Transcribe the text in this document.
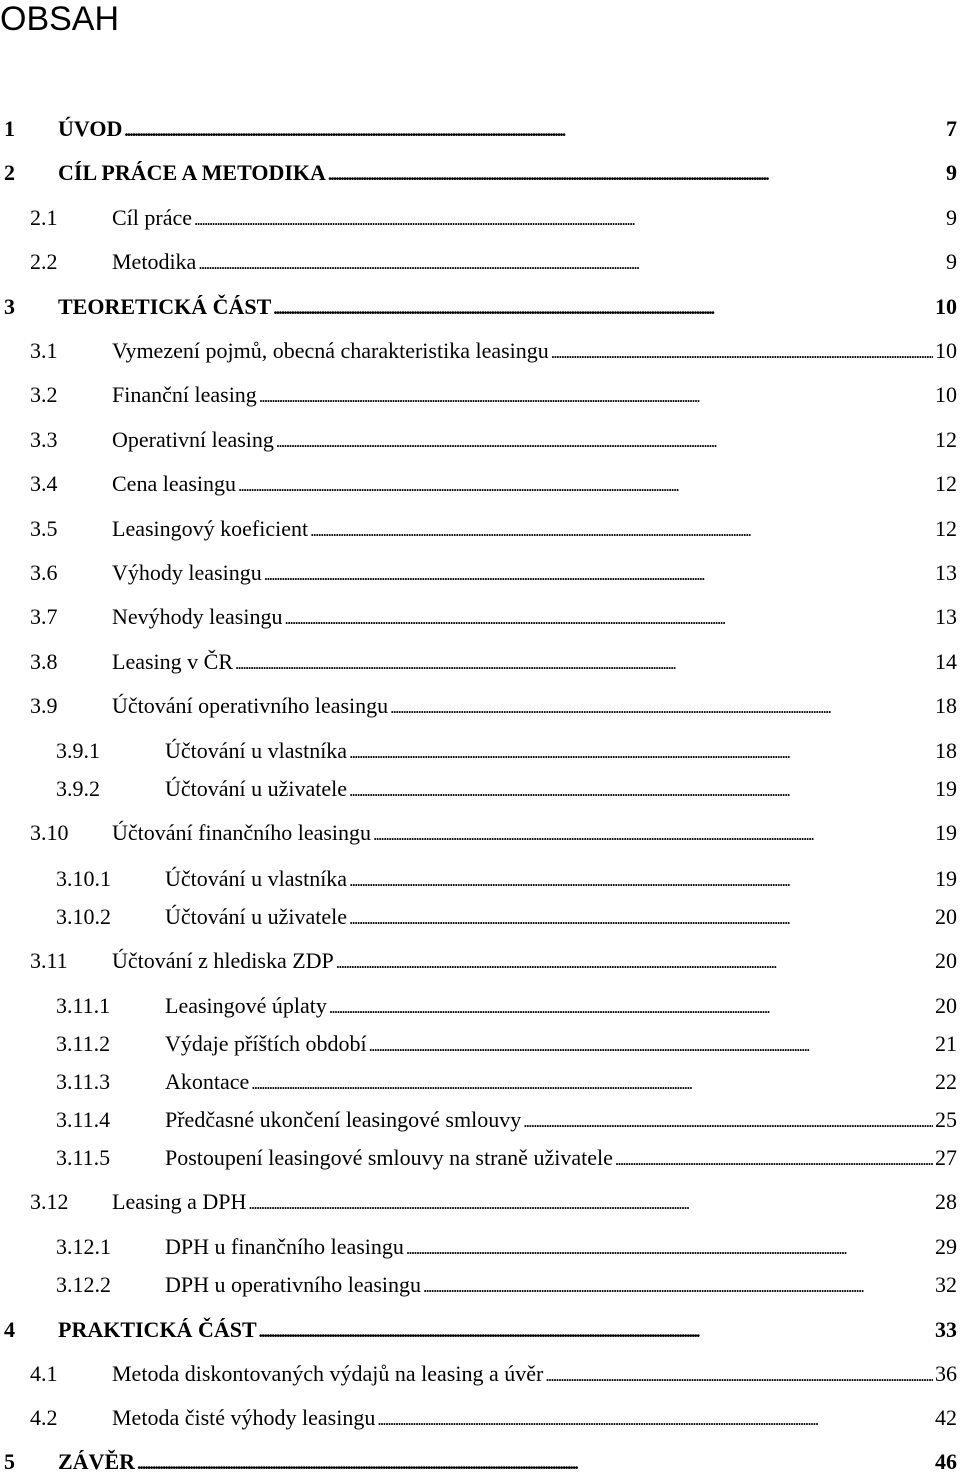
OBSAH
1	ÚVOD . . .	7
2	CÍL PRÁCE A METODIKA . . .	9
2.1	Cíl práce . . .	9
2.2	Metodika . . .	9
3	TEORETICKÁ ČÁST . . .	10
3.1	Vymezení pojmů, obecná charakteristika leasingu . . .	10
3.2	Finanční leasing . . .	10
3.3	Operativní leasing . . .	12
3.4	Cena leasingu . . .	12
3.5	Leasingový koeficient . . .	12
3.6	Výhody leasingu . . .	13
3.7	Nevýhody leasingu . . .	13
3.8	Leasing v ČR . . .	14
3.9	Účtování operativního leasingu . . .	18
3.9.1	Účtování u vlastníka . . .	18
3.9.2	Účtování u uživatele . . .	19
3.10	Účtování finančního leasingu . . .	19
3.10.1	Účtování u vlastníka . . .	19
3.10.2	Účtování u uživatele . . .	20
3.11	Účtování z hlediska ZDP . . .	20
3.11.1	Leasingové úplaty . . .	20
3.11.2	Výdaje příštích období . . .	21
3.11.3	Akontace . . .	22
3.11.4	Předčasné ukončení leasingové smlouvy . . .	25
3.11.5	Postoupení leasingové smlouvy na straně uživatele . . .	27
3.12	Leasing a DPH . . .	28
3.12.1	DPH u finančního leasingu . . .	29
3.12.2	DPH u operativního leasingu . . .	32
4	PRAKTICKÁ ČÁST . . .	33
4.1	Metoda diskontovaných výdajů na leasing a úvěr . . .	36
4.2	Metoda čisté výhody leasingu . . .	42
5	ZÁVĚR . . .	46
